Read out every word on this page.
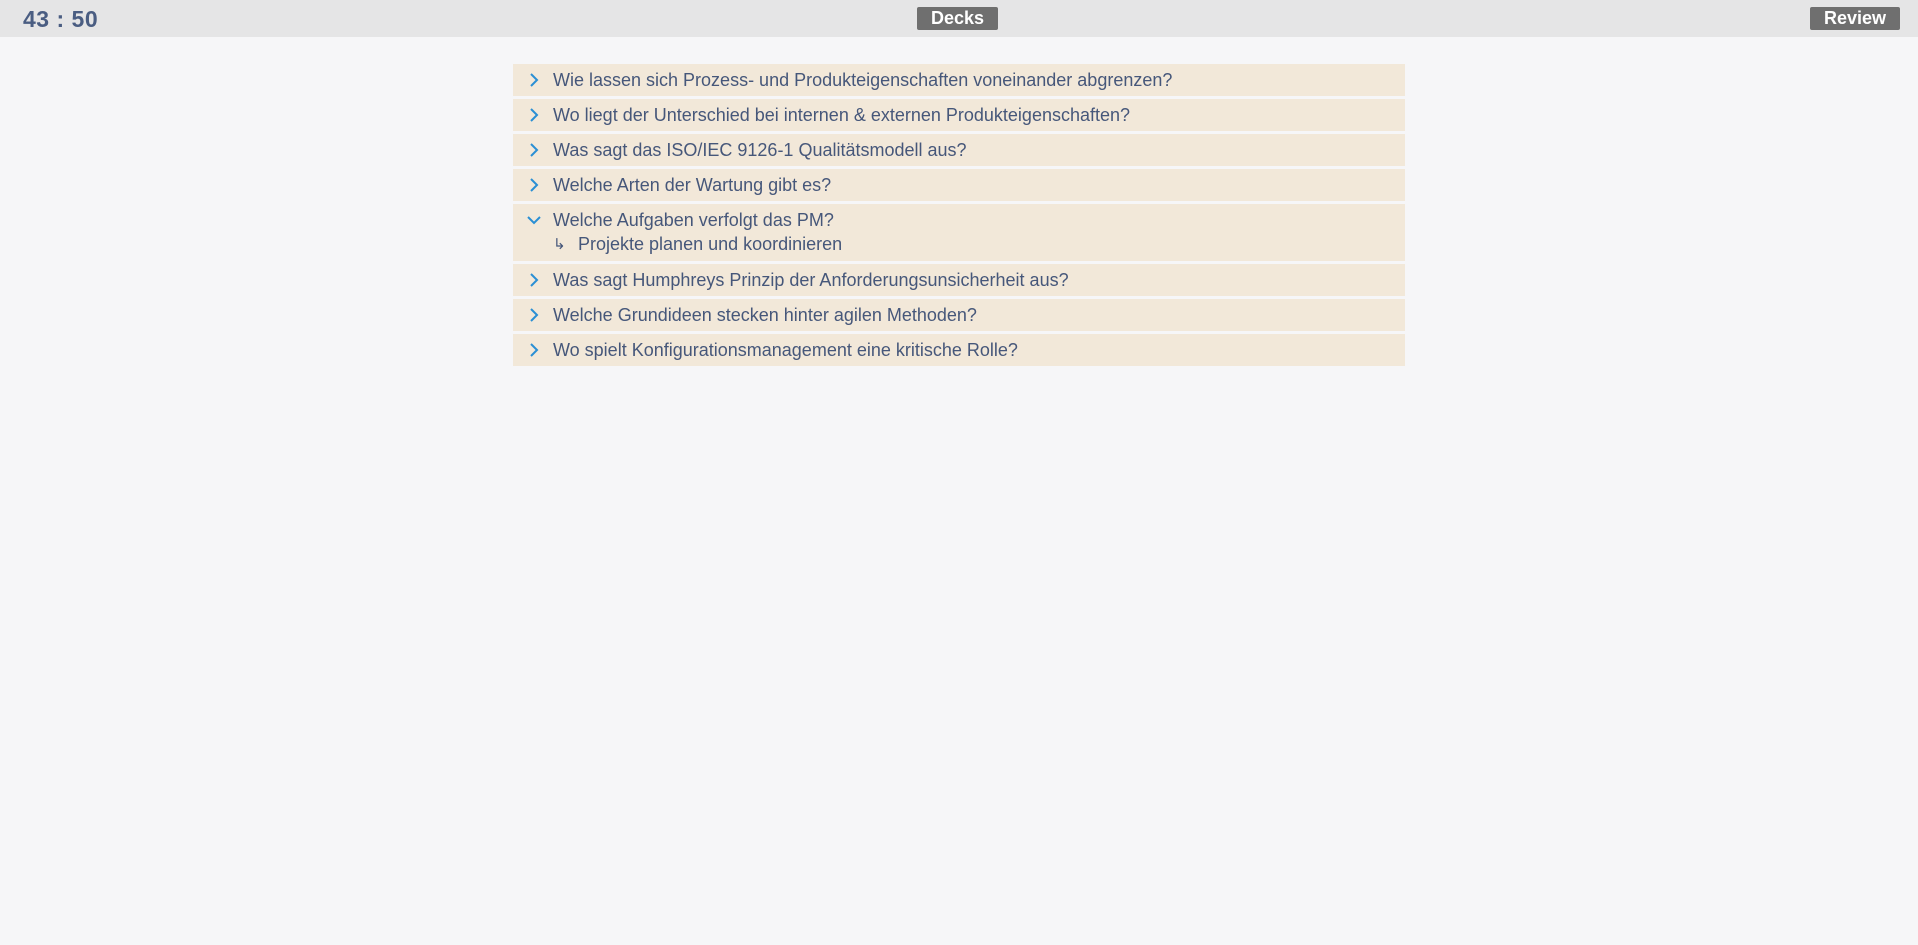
43 : 50	Decks	Review
Wie lassen sich Prozess- und Produkteigenschaften voneinander abgrenzen?
Wo liegt der Unterschied bei internen & externen Produkteigenschaften?
Was sagt das ISO/IEC 9126-1 Qualitätsmodell aus?
Welche Arten der Wartung gibt es?
Welche Aufgaben verfolgt das PM?
↳ Projekte planen und koordinieren
Was sagt Humphreys Prinzip der Anforderungsunsicherheit aus?
Welche Grundideen stecken hinter agilen Methoden?
Wo spielt Konfigurationsmanagement eine kritische Rolle?
